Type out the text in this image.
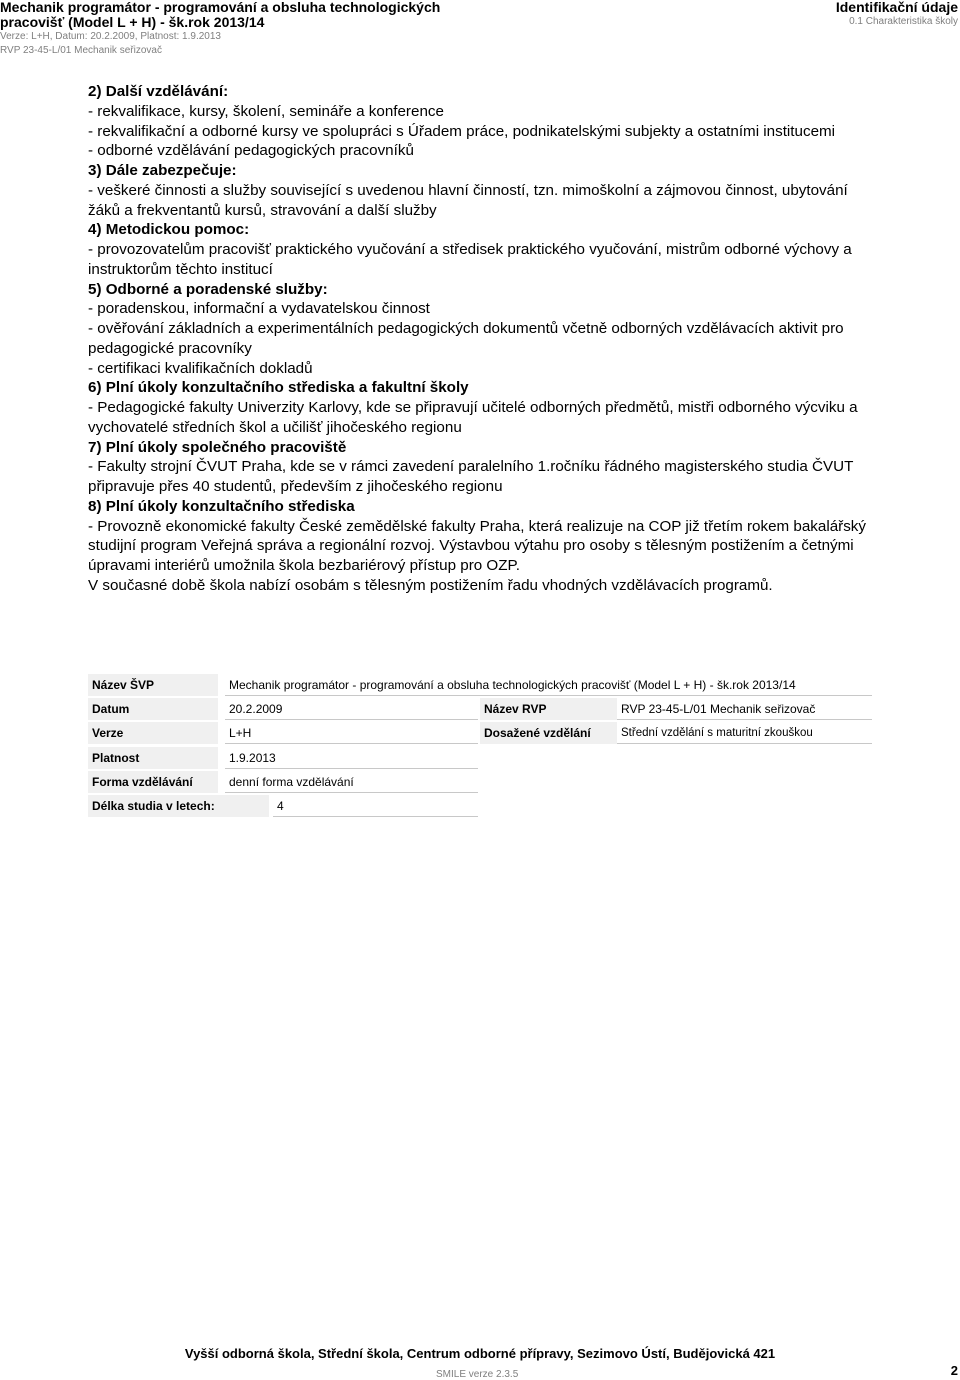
Mechanik programátor - programování a obsluha technologických pracovišť (Model L + H) - šk.rok 2013/14
Verze: L+H, Datum: 20.2.2009, Platnost: 1.9.2013
RVP 23-45-L/01 Mechanik seřizovač
Identifikační údaje
0.1 Charakteristika školy

2) Další vzdělávání:

- rekvalifikace, kursy, školení, semináře a konference

- rekvalifikační a odborné kursy ve spolupráci s Úřadem práce, podnikatelskými subjekty a ostatními institucemi

- odborné vzdělávání pedagogických pracovníků

3) Dále zabezpečuje:

- veškeré činnosti a služby související s uvedenou hlavní činností, tzn. mimoškolní a zájmovou činnost, ubytování žáků a frekventantů kursů, stravování a další služby

4) Metodickou pomoc:

- provozovatelům pracovišť praktického vyučování a středisek praktického vyučování, mistrům odborné výchovy a instruktorům těchto institucí

5) Odborné a poradenské služby:

- poradenskou, informační a vydavatelskou činnost

- ověřování základních a experimentálních pedagogických dokumentů včetně odborných vzdělávacích aktivit pro pedagogické pracovníky

- certifikaci kvalifikačních dokladů

6) Plní úkoly konzultačního střediska a fakultní školy

- Pedagogické fakulty Univerzity Karlovy, kde se připravují učitelé odborných předmětů, mistři odborného výcviku a vychovatelé středních škol a učilišť jihočeského regionu

7) Plní úkoly společného pracoviště

- Fakulty strojní ČVUT Praha, kde se v rámci zavedení paralelního 1.ročníku řádného magisterského studia ČVUT připravuje přes 40 studentů, především z jihočeského regionu

8) Plní úkoly konzultačního střediska

- Provozně ekonomické fakulty České zemědělské fakulty Praha, která realizuje na COP již třetím rokem bakalářský studijní program Veřejná správa a regionální rozvoj. Výstavbou výtahu pro osoby s tělesným postižením a četnými úpravami interiérů umožnila škola bezbariérový přístup pro OZP.

V současné době škola nabízí osobám s tělesným postižením řadu vhodných vzdělávacích programů.

Název ŠVP	Mechanik programátor - programování a obsluha technologických pracovišť (Model L + H) - šk.rok 2013/14
Datum	20.2.2009	Název RVP	RVP 23-45-L/01 Mechanik seřizovač
Verze	L+H	Dosažené vzdělání	Střední vzdělání s maturitní zkouškou
Platnost	1.9.2013
Forma vzdělávání	denní forma vzdělávání
Délka studia v letech:	4
Vyšší odborná škola, Střední škola, Centrum odborné přípravy, Sezimovo Ústí, Budějovická 421
SMILE verze 2.3.5	2
